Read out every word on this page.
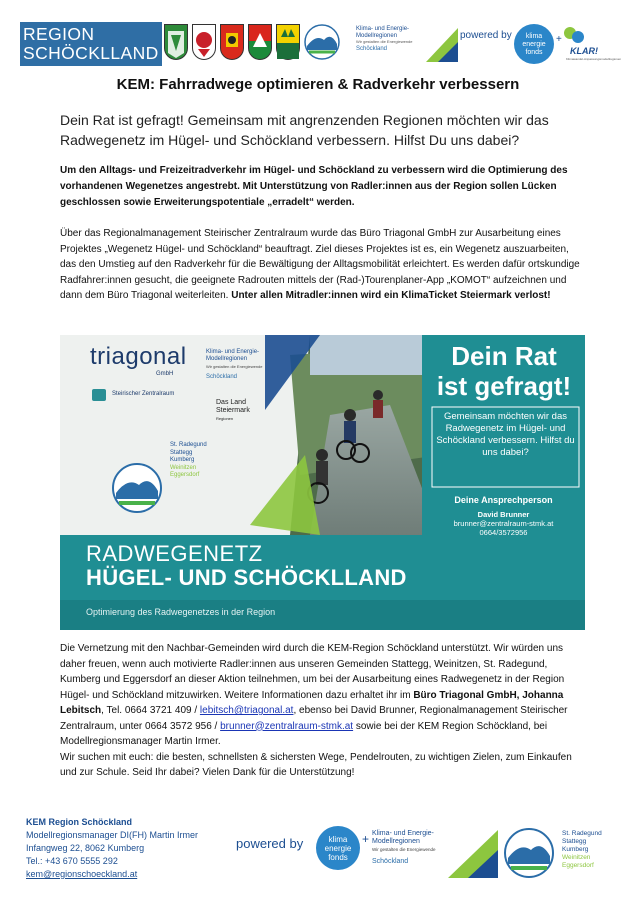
REGION
SCHÖCKLLAND
Klima- und Energie-
Modellregionen
Wir gestalten die Energiewende
Schöckland
powered by	klima energie fonds
+
KLAR!
Klimawandel-Anpassungsmodellregionen
KEM: Fahrradwege optimieren & Radverkehr verbessern

Dein Rat ist gefragt! Gemeinsam mit angrenzenden Regionen möchten wir das Radwegenetz im Hügel- und Schöckland verbessern. Hilfst Du uns dabei?

Um den Alltags- und Freizeitradverkehr im Hügel- und Schöckland zu verbessern wird die Optimierung des vorhandenen Wegenetzes angestrebt. Mit Unterstützung von Radler:innen aus der Region sollen Lücken geschlossen sowie Erweiterungspotentiale „erradelt“ werden.

Über das Regionalmanagement Steirischer Zentralraum wurde das Büro Triagonal GmbH zur Ausarbeitung eines Projektes „Wegenetz Hügel- und Schöckland“ beauftragt. Ziel dieses Projektes ist es, ein Wegenetz auszuarbeiten, das den Umstieg auf den Radverkehr für die Bewältigung der Alltagsmobilität erleichtert. Es werden dafür ortskundige Radfahrer:innen gesucht, die geeignete Radrouten mittels der (Rad-)Tourenplaner-App „KOMOT“ aufzeichnen und dann dem Büro Triagonal weiterleiten. Unter allen Mitradler:innen wird ein KlimaTicket Steiermark verlost!

triagonal
GmbH
Klima- und Energie-
Modellregionen
Wir gestalten die Energiewende
Schöckland
Steirischer Zentralraum
Das Land
Steiermark
Regionen
St. Radegund
Stattegg
Kumberg
Weinitzen
Eggersdorf
Dein Rat
ist gefragt!
Gemeinsam möchten wir das Radwegenetz im Hügel- und Schöckland verbessern. Hilfst du uns dabei?
Deine Ansprechperson
David Brunner
brunner@zentralraum-stmk.at
0664/3572956
RADWEGENETZ
HÜGEL- UND SCHÖCKLLAND
Optimierung des Radwegenetzes in der Region

Die Vernetzung mit den Nachbar-Gemeinden wird durch die KEM-Region Schöckland unterstützt. Wir würden uns daher freuen, wenn auch motivierte Radler:innen aus unseren Gemeinden Stattegg, Weinitzen, St. Radegund, Kumberg und Eggersdorf an dieser Aktion teilnehmen, um bei der Ausarbeitung eines Radwegenetz in der Region Hügel- und Schöckland mitzuwirken. Weitere Informationen dazu erhaltet ihr im Büro Triagonal GmbH, Johanna Lebitsch, Tel. 0664 3721 409 / lebitsch@triagonal.at, ebenso bei David Brunner, Regionalmanagement Steirischer Zentralraum, unter 0664 3572 956 / brunner@zentralraum-stmk.at sowie bei der KEM Region Schöckland, bei Modellregionsmanager Martin Irmer.
Wir suchen mit euch: die besten, schnellsten & sichersten Wege, Pendelrouten, zu wichtigen Zielen, zum Einkaufen und zur Schule. Seid Ihr dabei? Vielen Dank für die Unterstützung!

KEM Region Schöckland
Modellregionsmanager DI(FH) Martin Irmer
Infangweg 22, 8062 Kumberg
Tel.: +43 670 5555 292
kem@regionschoeckland.at
powered by	klima energie fonds
+ Klima- und Energie-
Modellregionen
Wir gestalten die Energiewende
Schöckland
St. Radegund
Stattegg
Kumberg
Weinitzen
Eggersdorf
